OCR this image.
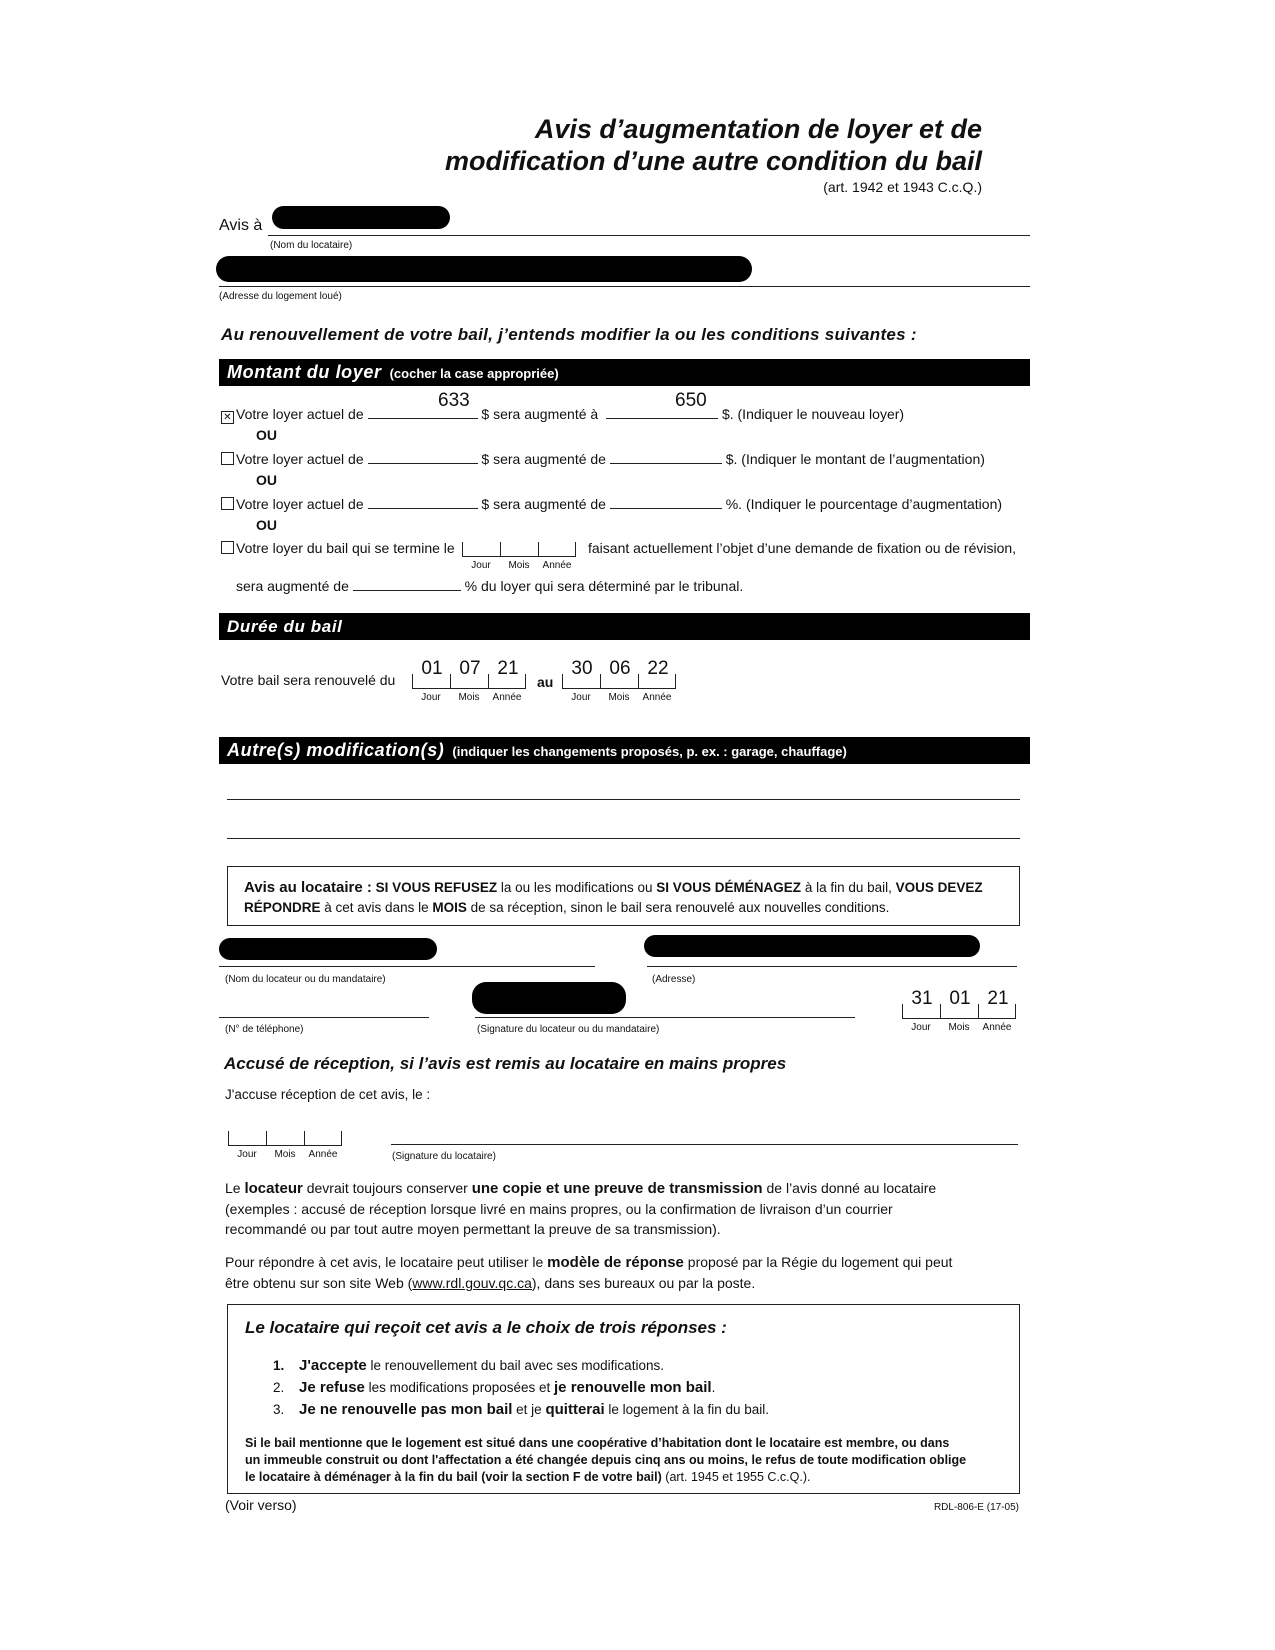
Avis d’augmentation de loyer et de
modification d’une autre condition du bail
(art. 1942 et 1943 C.c.Q.)
Avis à
(Nom du locataire)
(Adresse du logement loué)
Au renouvellement de votre bail, j’entends modifier la ou les conditions suivantes :
Montant du loyer (cocher la case appropriée)
✕ Votre loyer actuel de	$ sera augmenté à	$. (Indiquer le nouveau loyer)
633	650
OU
Votre loyer actuel de	$ sera augmenté de	$. (Indiquer le montant de l’augmentation)
OU
Votre loyer actuel de	$ sera augmenté de	%. (Indiquer le pourcentage d’augmentation)
OU
Votre loyer du bail qui se termine le
Jour	Mois	Année
faisant actuellement l’objet d’une demande de fixation ou de révision,
sera augmenté de	% du loyer qui sera déterminé par le tribunal.
Durée du bail
Votre bail sera renouvelé du
01 07 21
Jour	Mois	Année
au
30 06 22
Jour	Mois	Année
Autre(s) modification(s) (indiquer les changements proposés, p. ex. : garage, chauffage)
Avis au locataire : SI VOUS REFUSEZ la ou les modifications ou SI VOUS DÉMÉNAGEZ à la fin du bail, VOUS DEVEZ
RÉPONDRE à cet avis dans le MOIS de sa réception, sinon le bail sera renouvelé aux nouvelles conditions.
(Nom du locateur ou du mandataire)	(Adresse)
(N° de téléphone)	(Signature du locateur ou du mandataire)
31 01 21
Jour	Mois	Année
Accusé de réception, si l’avis est remis au locataire en mains propres
J'accuse réception de cet avis, le :
Jour	Mois	Année	(Signature du locataire)
Le locateur devrait toujours conserver une copie et une preuve de transmission de l’avis donné au locataire
(exemples : accusé de réception lorsque livré en mains propres, ou la confirmation de livraison d’un courrier
recommandé ou par tout autre moyen permettant la preuve de sa transmission).
Pour répondre à cet avis, le locataire peut utiliser le modèle de réponse proposé par la Régie du logement qui peut
être obtenu sur son site Web (www.rdl.gouv.qc.ca), dans ses bureaux ou par la poste.
Le locataire qui reçoit cet avis a le choix de trois réponses :
1. J'accepte le renouvellement du bail avec ses modifications.
2. Je refuse les modifications proposées et je renouvelle mon bail.
3. Je ne renouvelle pas mon bail et je quitterai le logement à la fin du bail.
Si le bail mentionne que le logement est situé dans une coopérative d’habitation dont le locataire est membre, ou dans
un immeuble construit ou dont l'affectation a été changée depuis cinq ans ou moins, le refus de toute modification oblige
le locataire à déménager à la fin du bail (voir la section F de votre bail) (art. 1945 et 1955 C.c.Q.).
(Voir verso)	RDL-806-E (17-05)
